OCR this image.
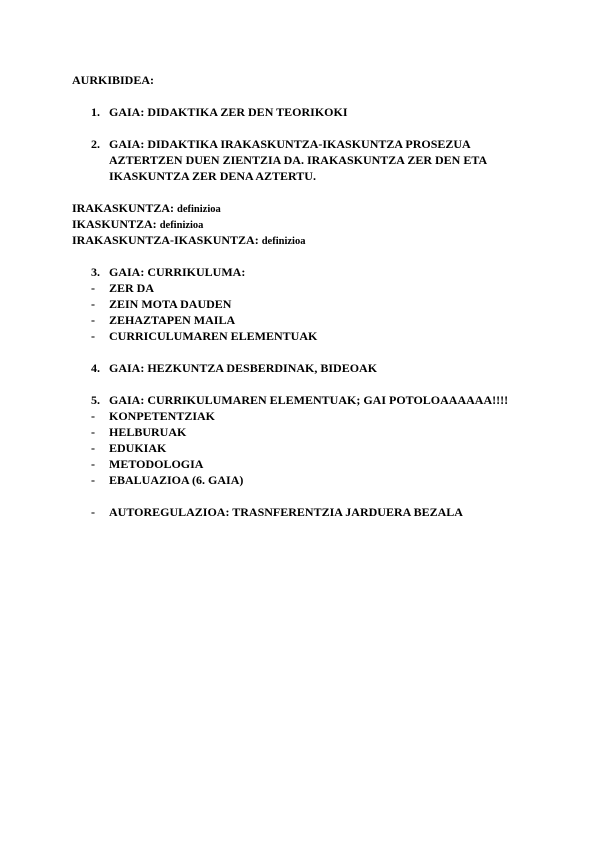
AURKIBIDEA:
1. GAIA: DIDAKTIKA ZER DEN TEORIKOKI
2. GAIA: DIDAKTIKA IRAKASKUNTZA-IKASKUNTZA PROSEZUA
AZTERTZEN DUEN ZIENTZIA DA. IRAKASKUNTZA ZER DEN ETA
IKASKUNTZA ZER DENA AZTERTU.
IRAKASKUNTZA: definizioa
IKASKUNTZA: definizioa
IRAKASKUNTZA-IKASKUNTZA: definizioa
3. GAIA: CURRIKULUMA:
- ZER DA
- ZEIN MOTA DAUDEN
- ZEHAZTAPEN MAILA
- CURRICULUMAREN ELEMENTUAK
4. GAIA: HEZKUNTZA DESBERDINAK, BIDEOAK
5. GAIA: CURRIKULUMAREN ELEMENTUAK; GAI POTOLOAAAAAA!!!!
- KONPETENTZIAK
- HELBURUAK
- EDUKIAK
- METODOLOGIA
- EBALUAZIOA (6. GAIA)
- AUTOREGULAZIOA: TRASNFERENTZIA JARDUERA BEZALA
